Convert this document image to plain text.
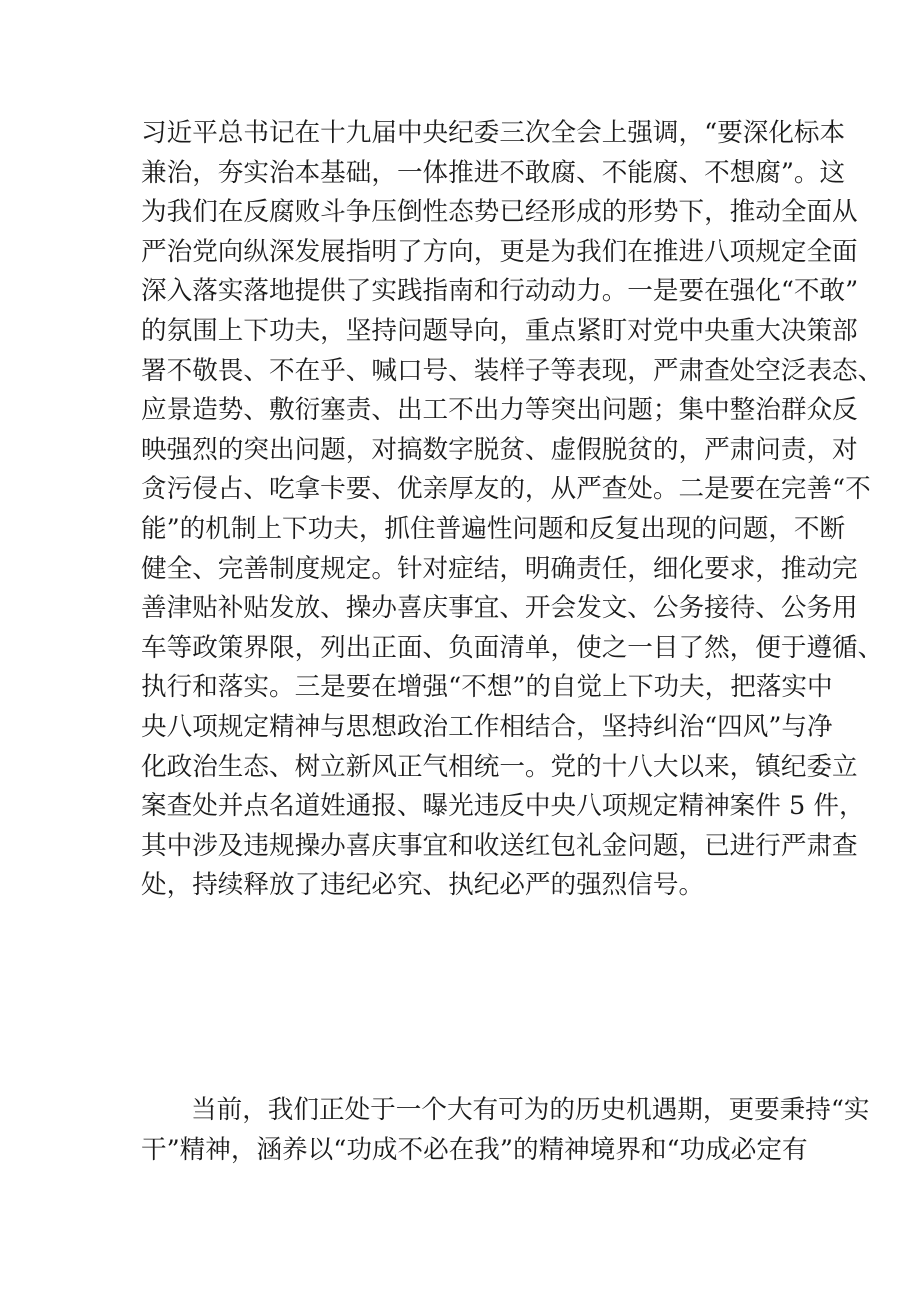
习近平总书记在十九届中央纪委三次全会上强调，“要深化标本
兼治，夯实治本基础，一体推进不敢腐、不能腐、不想腐”。这
为我们在反腐败斗争压倒性态势已经形成的形势下，推动全面从
严治党向纵深发展指明了方向，更是为我们在推进八项规定全面
深入落实落地提供了实践指南和行动动力。一是要在强化“不敢”
的氛围上下功夫，坚持问题导向，重点紧盯对党中央重大决策部
署不敬畏、不在乎、喊口号、装样子等表现，严肃查处空泛表态、
应景造势、敷衍塞责、出工不出力等突出问题；集中整治群众反
映强烈的突出问题，对搞数字脱贫、虚假脱贫的，严肃问责，对
贪污侵占、吃拿卡要、优亲厚友的，从严查处。二是要在完善“不
能”的机制上下功夫，抓住普遍性问题和反复出现的问题，不断
健全、完善制度规定。针对症结，明确责任，细化要求，推动完
善津贴补贴发放、操办喜庆事宜、开会发文、公务接待、公务用
车等政策界限，列出正面、负面清单，使之一目了然，便于遵循、
执行和落实。三是要在增强“不想”的自觉上下功夫，把落实中
央八项规定精神与思想政治工作相结合，坚持纠治“四风”与净
化政治生态、树立新风正气相统一。党的十八大以来，镇纪委立
案查处并点名道姓通报、曝光违反中央八项规定精神案件 5 件，
其中涉及违规操办喜庆事宜和收送红包礼金问题，已进行严肃查
处，持续释放了违纪必究、执纪必严的强烈信号。
当前，我们正处于一个大有可为的历史机遇期，更要秉持“实
干”精神，涵养以“功成不必在我”的精神境界和“功成必定有
